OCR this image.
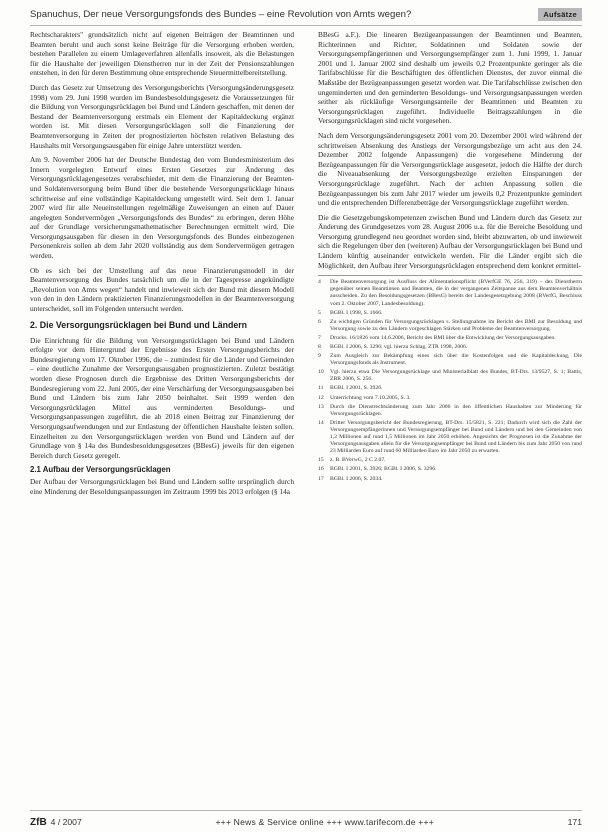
Spanuchus, Der neue Versorgungsfonds des Bundes – eine Revolution von Amts wegen?	Aufsätze

Rechtscharakters" grundsätzlich nicht auf eigenen Beiträgen der Beamtinnen und Beamten beruht und auch sonst keine Beiträge für die Versorgung erhoben werden, bestehen Parallelen zu einem Umlageverfahren allenfalls insoweit, als die Belastungen für die Haushalte der jeweiligen Dienstherren nur in der Zeit der Pensionszahlungen entstehen, in den für deren Bestimmung ohne entsprechende Steuermittelbereitstellung.

Durch das Gesetz zur Umsetzung des Versorgungsberichts (Versorgungsänderungsgesetz 1998) vom 29. Juni 1998 wurden im Bundesbesoldungsgesetz die Voraussetzungen für die Bildung von Versorgungsrücklagen bei Bund und Ländern geschaffen, mit denen der Bestand der Beamtenversorgung erstmals ein Element der Kapitaldeckung ergänzt worden ist. Mit diesen Versorgungsrücklagen soll die Finanzierung der Beamtenversorgung in Zeiten der prognostizierten höchsten relativen Belastung des Haushalts mit Versorgungsausgaben für einige Jahre unterstützt werden.

Am 9. November 2006 hat der Deutsche Bundestag den vom Bundesministerium des Innern vorgelegten Entwurf eines Ersten Gesetzes zur Änderung des Versorgungsrücklagengesetzes verabschiedet, mit dem die Finanzierung der Beamten- und Soldatenversorgung beim Bund über die bestehende Versorgungsrücklage hinaus schrittweise auf eine vollständige Kapitaldeckung umgestellt wird. Seit dem 1. Januar 2007 wird für alle Neueinstellungen regelmäßige Zuweisungen an einen auf Dauer angelegten Sondervermögen „Versorgungsfonds des Bundes“ zu erbringen, deren Höhe auf der Grundlage versicherungsmathematischer Berechnungen ermittelt wird. Die Versorgungsausgaben für diesen in den Versorgungsfonds des Bundes einbezogenen Personenkreis sollen ab dem Jahr 2020 vollständig aus dem Sondervermögen getragen werden.

Ob es sich bei der Umstellung auf das neue Finanzierungsmodell in der Beamtenversorgung des Bundes tatsächlich um die in der Tagespresse angekündigte „Revolution von Amts wegen“ handelt und inwieweit sich der Bund mit diesem Modell von den in den Ländern praktizierten Finanzierungsmodellen in der Beamtenversorgung unterscheidet, soll im Folgenden untersucht werden.

2. Die Versorgungsrücklagen bei Bund und Ländern

Die Einrichtung für die Bildung von Versorgungsrücklagen bei Bund und Ländern erfolgte vor dem Hintergrund der Ergebnisse des Ersten Versorgungsberichts der Bundesregierung vom 17. Oktober 1996, die – zumindest für die Länder und Gemeinden – eine deutliche Zunahme der Versorgungsausgaben prognostizierten. Zuletzt bestätigt worden diese Prognosen durch die Ergebnisse des Dritten Versorgungsberichts der Bundesregierung vom 22. Juni 2005, der eine Verschärfung der Versorgungsausgaben bei Bund und Ländern bis zum Jahr 2050 beinhaltet. Seit 1999 werden den Versorgungsrücklagen Mittel aus verminderten Besoldungs- und Versorgungsanpassungen zugeführt, die ab 2018 einen Beitrag zur Finanzierung der Versorgungsaufwendungen und zur Entlastung der öffentlichen Haushalte leisten sollen. Einzelheiten zu den Versorgungsrücklagen werden von Bund und Ländern auf der Grundlage von § 14a des Bundesbesoldungsgesetzes (BBesG) jeweils für den eigenen Bereich durch Gesetz geregelt.

2.1 Aufbau der Versorgungsrücklagen

Der Aufbau der Versorgungsrücklagen bei Bund und Ländern sollte ursprünglich durch eine Minderung der Besoldungsanpassungen im Zeitraum 1999 bis 2013 erfolgen (§ 14a

BBesG a.F.). Die linearen Bezügeanpassungen der Beamtinnen und Beamten, Richterinnen und Richter, Soldatinnen und Soldaten sowie der Versorgungsempfängerinnen und Versorgungsempfänger zum 1. Juni 1999, 1. Januar 2001 und 1. Januar 2002 sind deshalb um jeweils 0,2 Prozentpunkte geringer als die Tarifabschlüsse für die Beschäftigten des öffentlichen Dienstes, der zuvor einmal die Maßstäbe der Bezügeanpassungen gesetzt worden war. Die Tarifabschlüsse zwischen den ungeminderten und den geminderten Besoldungs- und Versorgungsanpassungen werden seither als rückläufige Versorgungsanteile der Beamtinnen und Beamten zu Versorgungsrücklagen zugeführt. Individuelle Beitragszahlungen in die Versorgungsrücklagen sind nicht vorgesehen.

Nach dem Versorgungsänderungsgesetz 2001 vom 20. Dezember 2001 wird während der schrittweisen Absenkung des Anstiegs der Versorgungsbezüge um acht aus den 24. Dezember 2002 folgende Anpassungen) die vorgesehene Minderung der Bezügeanpassungen für die Versorgungsrücklage ausgesetzt, jedoch die Hälfte der durch die Niveauabsenkung der Versorgungsbezüge erzielten Einsparungen der Versorgungsrücklage zugeführt. Nach der achten Anpassung sollen die Bezügeanpassungen bis zum Jahr 2017 wieder um jeweils 0,2 Prozentpunkte gemindert und die entsprechenden Differenzbeträge der Versorgungsrücklage zugeführt werden.

Die die Gesetzgebungskompetenzen zwischen Bund und Ländern durch das Gesetz zur Änderung des Grundgesetzes vom 28. August 2006 u.a. für die Bereiche Besoldung und Versorgung grundlegend neu geordnet worden sind, bleibt abzuwarten, ob und inwieweit sich die Regelungen über den (weiteren) Aufbau der Versorgungsrücklagen bei Bund und Ländern künftig auseinander entwickeln werden. Für die Länder ergibt sich die Möglichkeit, den Aufbau ihrer Versorgungsrücklagen entsprechend dem konkret ermittel-

4	Die Beamtenversorgung ist Ausfluss der Alimentationspflicht (BVerfGE 76, 256, 319) – des Dienstherrn gegenüber seinen Beamtinnen und Beamten, die in der vergangenen Zeitspanne aus dem Beamtenverhältnis ausscheiden. Zu den Besoldungsgesetzen (BBesG) bereits der Landesgesetzgebung 2008 (BVerfG, Beschluss vom 2. Oktober 2007, Landesbesoldung).
5	BGBl. I 1998, S. 1666.
6	Zu wichtigen Gründen für Versorgungsrücklagen s. Stellungnahme im Bericht des BMI zur Besoldung und Versorgung sowie zu den Ländern vorgeschlagen Stärken und Probleme der Beamtenversorgung.
7	Drucks. 16/1826 vom 14.6.2006, Bericht des BMI über die Entwicklung der Versorgungsausgaben.
8	BGBl. I 2006, S. 3296; vgl. hierzu Schlag, ZTR 1998, 2006.
9	Zum Ausgleich zur Bekämpfung eines sich über die Kostenfolgen und die Kapitaldeckung, Die Versorgungsfonds als Instrument.
10	Vgl. hierzu etwa Die Versorgungsrücklage und Ministerialblatt des Bundes, BT-Drs. 13/9527, S. 1; Battis, ZBR 2006, S. 256.
11	BGBl. I 2001, S. 3926.
12	Unterrichtung vom 7.10.2005, S. 3.
13	Durch die Dienstrechtsänderung zum Jahr 2006 in den öffentlichen Haushalten zur Minderung für Versorgungsrücklagen.
14	Dritter Versorgungsbericht der Bundesregierung, BT-Drs. 15/5821, S. 221; Dadurch wird sich die Zahl der Versorgungsempfängerinnen und Versorgungsempfänger bei Bund und Ländern und bei den Gemeinden von 1,2 Millionen auf rund 1,5 Millionen im Jahr 2050 erhöhen. Angesichts der Prognosen ist die Zunahme der Versorgungsausgaben allein für die Versorgungsempfänger bei Bund und Ländern bis zum Jahr 2050 von rund 23 Milliarden Euro auf rund 60 Milliarden Euro im Jahr 2050 zu erwarten.
15	z. B. BVerwG, 2 C 2.07.
16	BGBl. I 2001, S. 3926; BGBl. I 2006, S. 3296.
17	BGBl. I 2006, S. 2034.
ZfB 4 / 2007	+++ News & Service online +++ www.tarifecom.de +++	171
